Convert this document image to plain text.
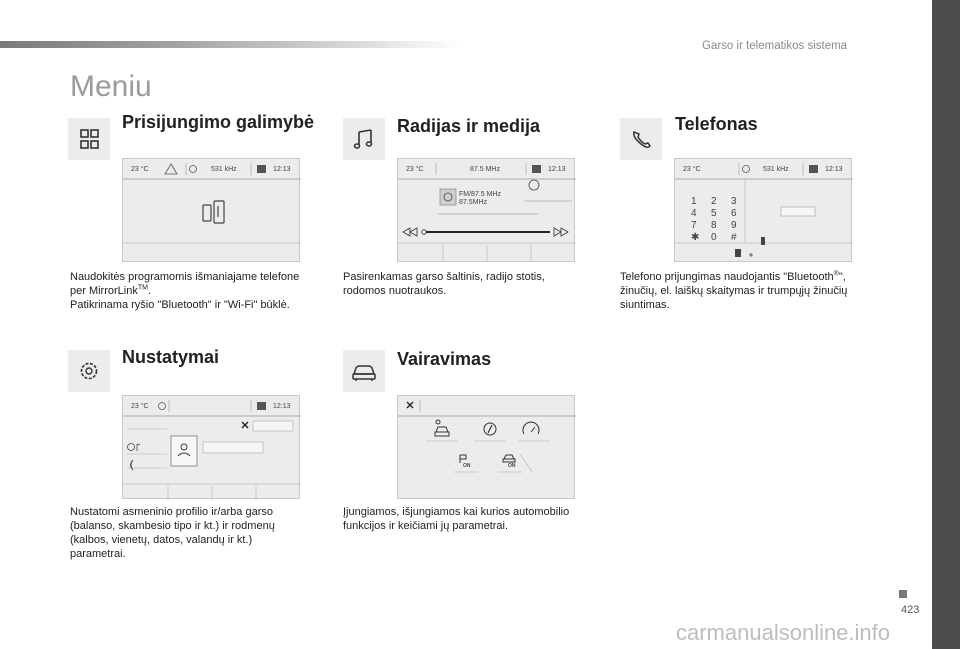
Garso ir telematikos sistema
Meniu
Prisijungimo galimybė
23 °C	531 kHz	12:13

Naudokitės programomis išmaniajame telefone

per MirrorLink™.

Patikrinama ryšio "Bluetooth" ir "Wi-Fi" būklė.

Radijas ir medija
23 °C	87.5 MHz	12:13
FM/87.5 MHz
87.5MHz

Pasirenkamas garso šaltinis, radijo stotis,

rodomos nuotraukos.

Telefonas
23 °C	531 kHz	12:13
1 2 3
4 5 6
7 8 9
✱ 0 #

Telefono prijungimas naudojantis "Bluetooth®",

žinučių, el. laiškų skaitymas ir trumpųjų žinučių

siuntimas.

Nustatymai
23 °C	12:13

Nustatomi asmeninio profilio ir/arba garso

(balanso, skambesio tipo ir kt.) ir rodmenų

(kalbos, vienetų, datos, valandų ir kt.)

parametrai.

Vairavimas
ON	ON

Įjungiamos, išjungiamos kai kurios automobilio

funkcijos ir keičiami jų parametrai.

423
carmanualsonline.info
